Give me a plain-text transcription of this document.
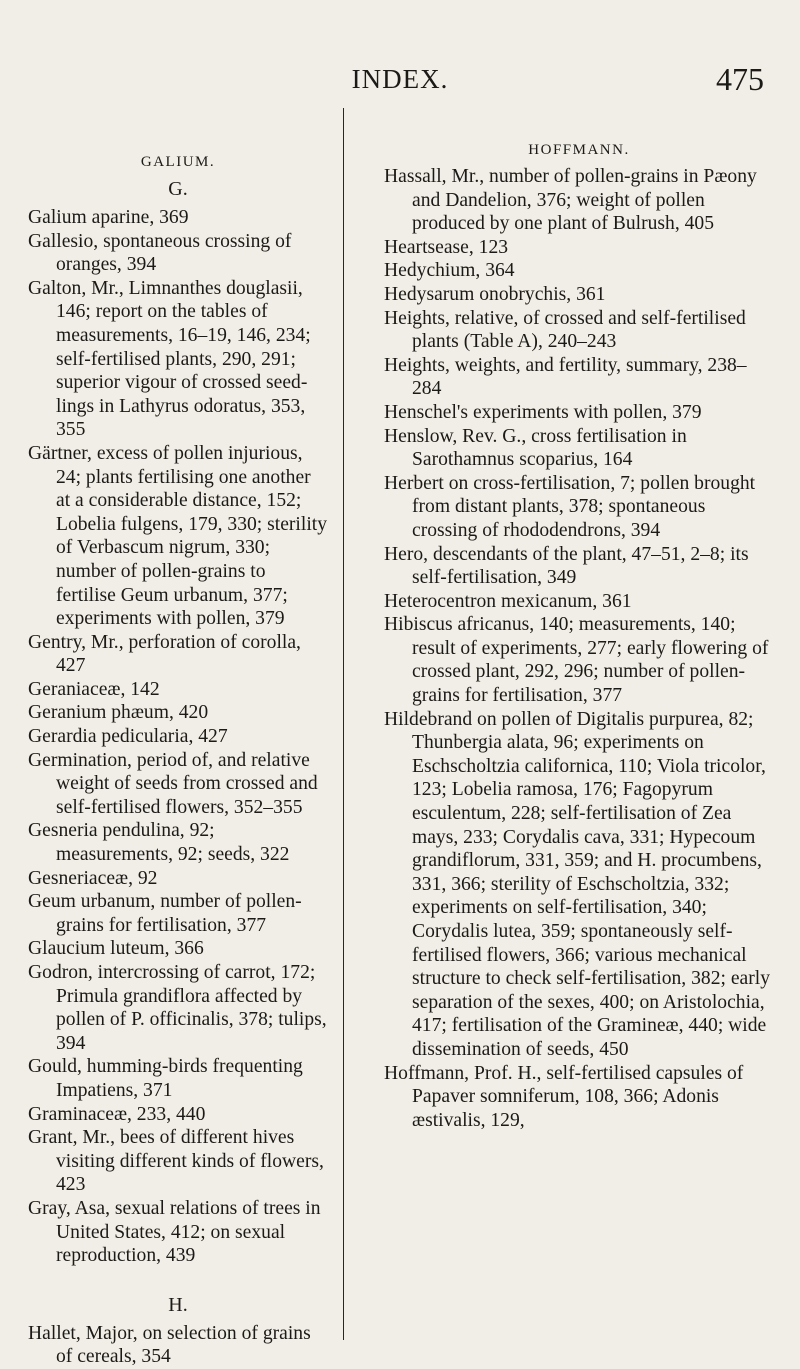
INDEX.	475
GALIUM.
G.

Galium aparine, 369

Gallesio, spontaneous crossing of oranges, 394

Galton, Mr., Limnanthes douglasii, 146; report on the tables of measurements, 16–19, 146, 234; self-fertilised plants, 290, 291; superior vigour of crossed seed-lings in Lathyrus odoratus, 353, 355

Gärtner, excess of pollen injurious, 24; plants fertilising one another at a considerable distance, 152; Lobelia fulgens, 179, 330; sterility of Verbascum nigrum, 330; number of pollen-grains to fertilise Geum urbanum, 377; experiments with pollen, 379

Gentry, Mr., perforation of corolla, 427

Geraniaceæ, 142

Geranium phæum, 420

Gerardia pedicularia, 427

Germination, period of, and relative weight of seeds from crossed and self-fertilised flowers, 352–355

Gesneria pendulina, 92; measurements, 92; seeds, 322

Gesneriaceæ, 92

Geum urbanum, number of pollen-grains for fertilisation, 377

Glaucium luteum, 366

Godron, intercrossing of carrot, 172; Primula grandiflora affected by pollen of P. officinalis, 378; tulips, 394

Gould, humming-birds frequenting Impatiens, 371

Graminaceæ, 233, 440

Grant, Mr., bees of different hives visiting different kinds of flowers, 423

Gray, Asa, sexual relations of trees in United States, 412; on sexual reproduction, 439

H.

Hallet, Major, on selection of grains of cereals, 354

HOFFMANN.

Hassall, Mr., number of pollen-grains in Pæony and Dandelion, 376; weight of pollen produced by one plant of Bulrush, 405

Heartsease, 123

Hedychium, 364

Hedysarum onobrychis, 361

Heights, relative, of crossed and self-fertilised plants (Table A), 240–243

Heights, weights, and fertility, summary, 238–284

Henschel's experiments with pollen, 379

Henslow, Rev. G., cross fertilisation in Sarothamnus scoparius, 164

Herbert on cross-fertilisation, 7; pollen brought from distant plants, 378; spontaneous crossing of rhododendrons, 394

Hero, descendants of the plant, 47–51, 2–8; its self-fertilisation, 349

Heterocentron mexicanum, 361

Hibiscus africanus, 140; measurements, 140; result of experiments, 277; early flowering of crossed plant, 292, 296; number of pollen-grains for fertilisation, 377

Hildebrand on pollen of Digitalis purpurea, 82; Thunbergia alata, 96; experiments on Eschscholtzia californica, 110; Viola tricolor, 123; Lobelia ramosa, 176; Fagopyrum esculentum, 228; self-fertilisation of Zea mays, 233; Corydalis cava, 331; Hypecoum grandiflorum, 331, 359; and H. procumbens, 331, 366; sterility of Eschscholtzia, 332; experiments on self-fertilisation, 340; Corydalis lutea, 359; spontaneously self-fertilised flowers, 366; various mechanical structure to check self-fertilisation, 382; early separation of the sexes, 400; on Aristolochia, 417; fertilisation of the Gramineæ, 440; wide dissemination of seeds, 450

Hoffmann, Prof. H., self-fertilised capsules of Papaver somniferum, 108, 366; Adonis æstivalis, 129,
